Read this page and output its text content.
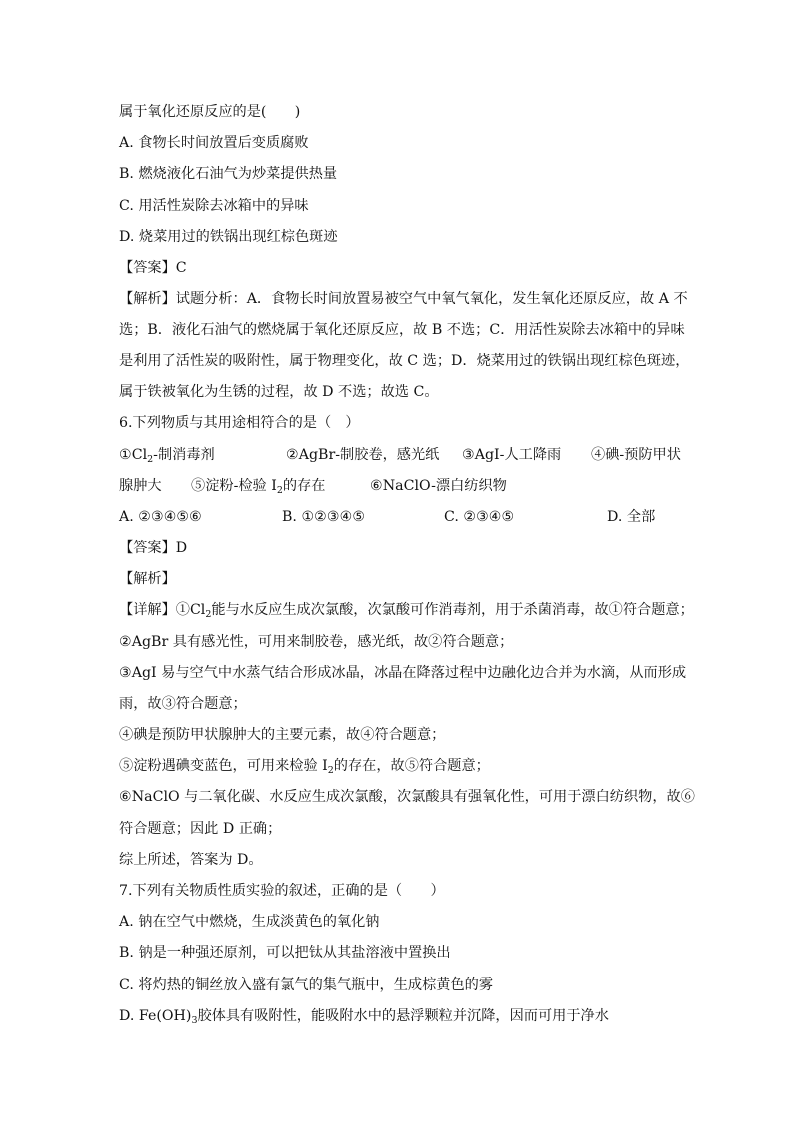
属于氧化还原反应的是(　　)
A. 食物长时间放置后变质腐败
B. 燃烧液化石油气为炒菜提供热量
C. 用活性炭除去冰箱中的异味
D. 烧菜用过的铁锅出现红棕色斑迹
【答案】C
【解析】试题分析：A．食物长时间放置易被空气中氧气氧化，发生氧化还原反应，故 A 不
选；B．液化石油气的燃烧属于氧化还原反应，故 B 不选；C．用活性炭除去冰箱中的异味
是利用了活性炭的吸附性，属于物理变化，故 C 选；D．烧菜用过的铁锅出现红棕色斑迹，
属于铁被氧化为生锈的过程，故 D 不选；故选 C。
6.下列物质与其用途相符合的是（　）
$①Cl_2-$制消毒剂	②AgBr-制胶卷，感光纸 ③AgI-人工降雨 ④碘-预防甲状
腺肿大 ⑤淀粉-检验 $I_2$的存在	⑥NaClO-漂白纺织物
A. ②③④⑤⑥	B. ①②③④⑤	C. ②③④⑤	D. 全部
【答案】D
【解析】
【详解】$①Cl_2$能与水反应生成次氯酸，次氯酸可作消毒剂，用于杀菌消毒，故①符合题意；
②AgBr 具有感光性，可用来制胶卷，感光纸，故②符合题意；
③AgI 易与空气中水蒸气结合形成冰晶，冰晶在降落过程中边融化边合并为水滴，从而形成
雨，故③符合题意；
④碘是预防甲状腺肿大的主要元素，故④符合题意；
⑤淀粉遇碘变蓝色，可用来检验 $I_2$的存在，故⑤符合题意；
⑥NaClO 与二氧化碳、水反应生成次氯酸，次氯酸具有强氧化性，可用于漂白纺织物，故⑥
符合题意；因此 D 正确；
综上所述，答案为 D。
7.下列有关物质性质实验的叙述，正确的是（　　）
A. 钠在空气中燃烧，生成淡黄色的氧化钠
B. 钠是一种强还原剂，可以把钛从其盐溶液中置换出
C. 将灼热的铜丝放入盛有氯气的集气瓶中，生成棕黄色的雾
D. $Fe(OH)_3$胶体具有吸附性，能吸附水中的悬浮颗粒并沉降，因而可用于净水
